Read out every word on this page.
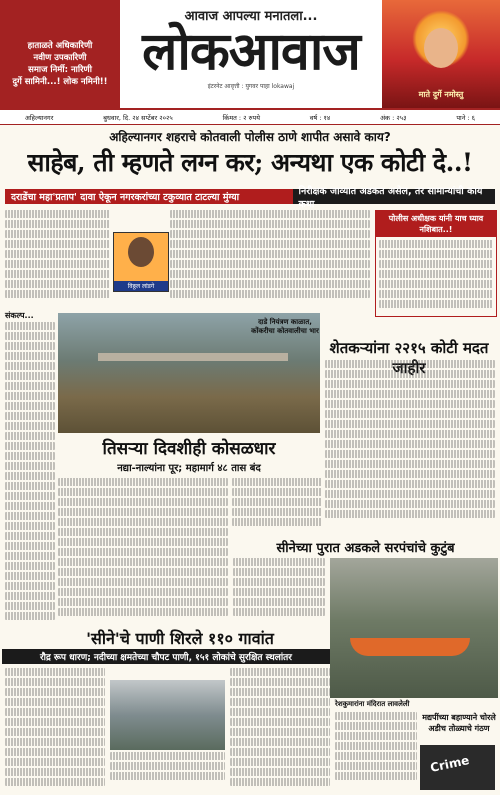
हाताळते अधिकारिणी
नवीण उपकारिणी
समाज निर्मी: नारिणी
दुर्गे सामिनी...! लोक नमिनी!!
आवाज आपल्या मनातला...
लोकआवाज
इंटरनेट आवृत्ती : युगवर पाहा lokawaj
माते दुर्गे नमोस्तु
अहिल्यानगर	बुधवार, दि. २४ सप्टेंबर २०२५	किंमत : २ रुपये	वर्ष : १४	अंक : २५३	पाने : ६
अहिल्यानगर शहराचे कोतवाली पोलीस ठाणे शापीत असावे काय?
साहेब, ती म्हणते लग्न कर; अन्यथा एक कोटी दे..!
दराडेंचा महा'प्रताप' दावा ऐकून नगरकरांच्या टकुव्यात टाटल्या मुंग्या
निरीक्षक जाव्यात अडकत असेल, तर सामान्यांची काय कथा
विठ्ठल लांडगे
पोलीस अधीक्षक यांनी याच घ्याव नशिबात..!
संकल्प...
दाडे नियंत्रण काळात, कोंकरीचा कोतवालीचा भार
तिसऱ्या दिवशीही कोसळधार
नद्या-नाल्यांना पूर; महामार्ग ४८ तास बंद
शेतकऱ्यांना २२१५ कोटी मदत जाहीर
सीनेच्या पुरात अडकले सरपंचांचे कुटुंब
'सीने'चे पाणी शिरले ११० गावांत
रौद्र रूप धारण; नदीच्या क्षमतेच्या चौपट पाणी, १५१ लोकांचे सुरक्षित स्थलांतर
रेशकुमारांना मंदिरात लावलेली
मद्यपींच्या बहाण्याने चोरले अडीच तोळ्याचे गंठण
Crime
